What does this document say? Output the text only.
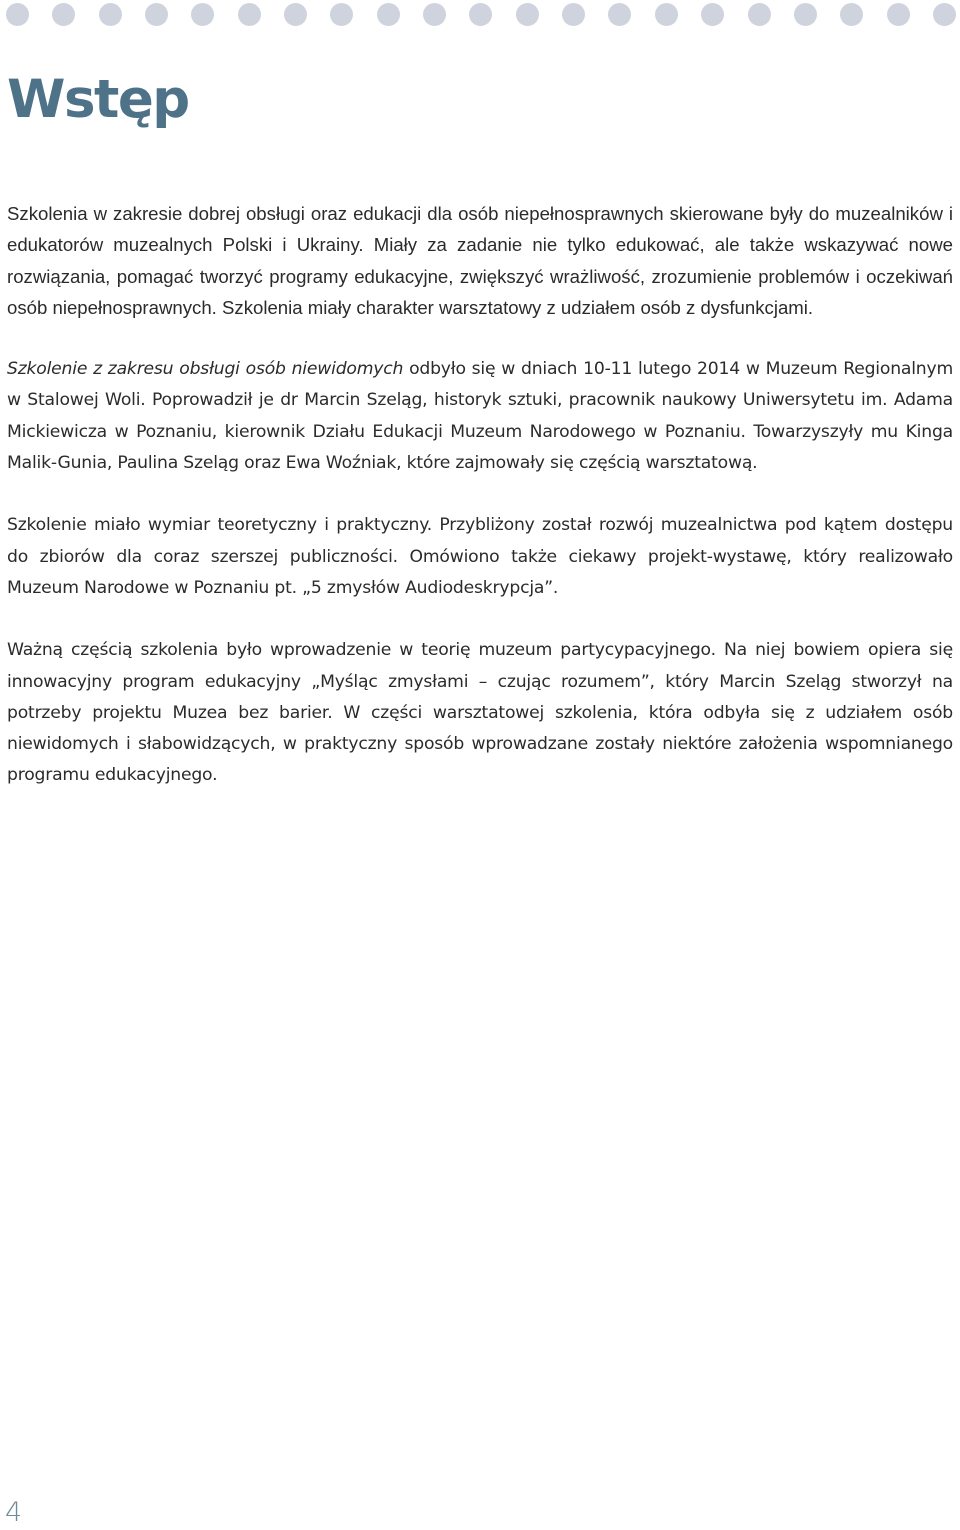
Wstęp

Szkolenia w zakresie dobrej obsługi oraz edukacji dla osób niepełnosprawnych skierowane były do muzealników i edukatorów muzealnych Polski i Ukrainy. Miały za zadanie nie tylko edukować, ale także wskazywać nowe rozwiązania, pomagać tworzyć programy edukacyjne, zwiększyć wrażliwość, zrozumienie problemów i oczekiwań osób niepełnosprawnych. Szkolenia miały charakter warsztatowy z udziałem osób z dysfunkcjami.

Szkolenie z zakresu obsługi osób niewidomych odbyło się w dniach 10-11 lutego 2014 w Muzeum Regionalnym w Stalowej Woli. Poprowadził je dr Marcin Szeląg, historyk sztuki, pracownik naukowy Uniwersytetu im. Adama Mickiewicza w Poznaniu, kierownik Działu Edukacji Muzeum Narodowego w Poznaniu. Towarzyszyły mu Kinga Malik-Gunia, Paulina Szeląg oraz Ewa Woźniak, które zajmowały się częścią warsztatową.

Szkolenie miało wymiar teoretyczny i praktyczny. Przybliżony został rozwój muzealnictwa pod kątem dostępu do zbiorów dla coraz szerszej publiczności. Omówiono także ciekawy projekt-wystawę, który realizowało Muzeum Narodowe w Poznaniu pt. „5 zmysłów Audiodeskrypcja”.

Ważną częścią szkolenia było wprowadzenie w teorię muzeum partycypacyjnego. Na niej bowiem opiera się innowacyjny program edukacyjny „Myśląc zmysłami – czując rozumem”, który Marcin Szeląg stworzył na potrzeby projektu Muzea bez barier. W części warsztatowej szkolenia, która odbyła się z udziałem osób niewidomych i słabowidzących, w praktyczny sposób wprowadzane zostały niektóre założenia wspomnianego programu edukacyjnego.

4
